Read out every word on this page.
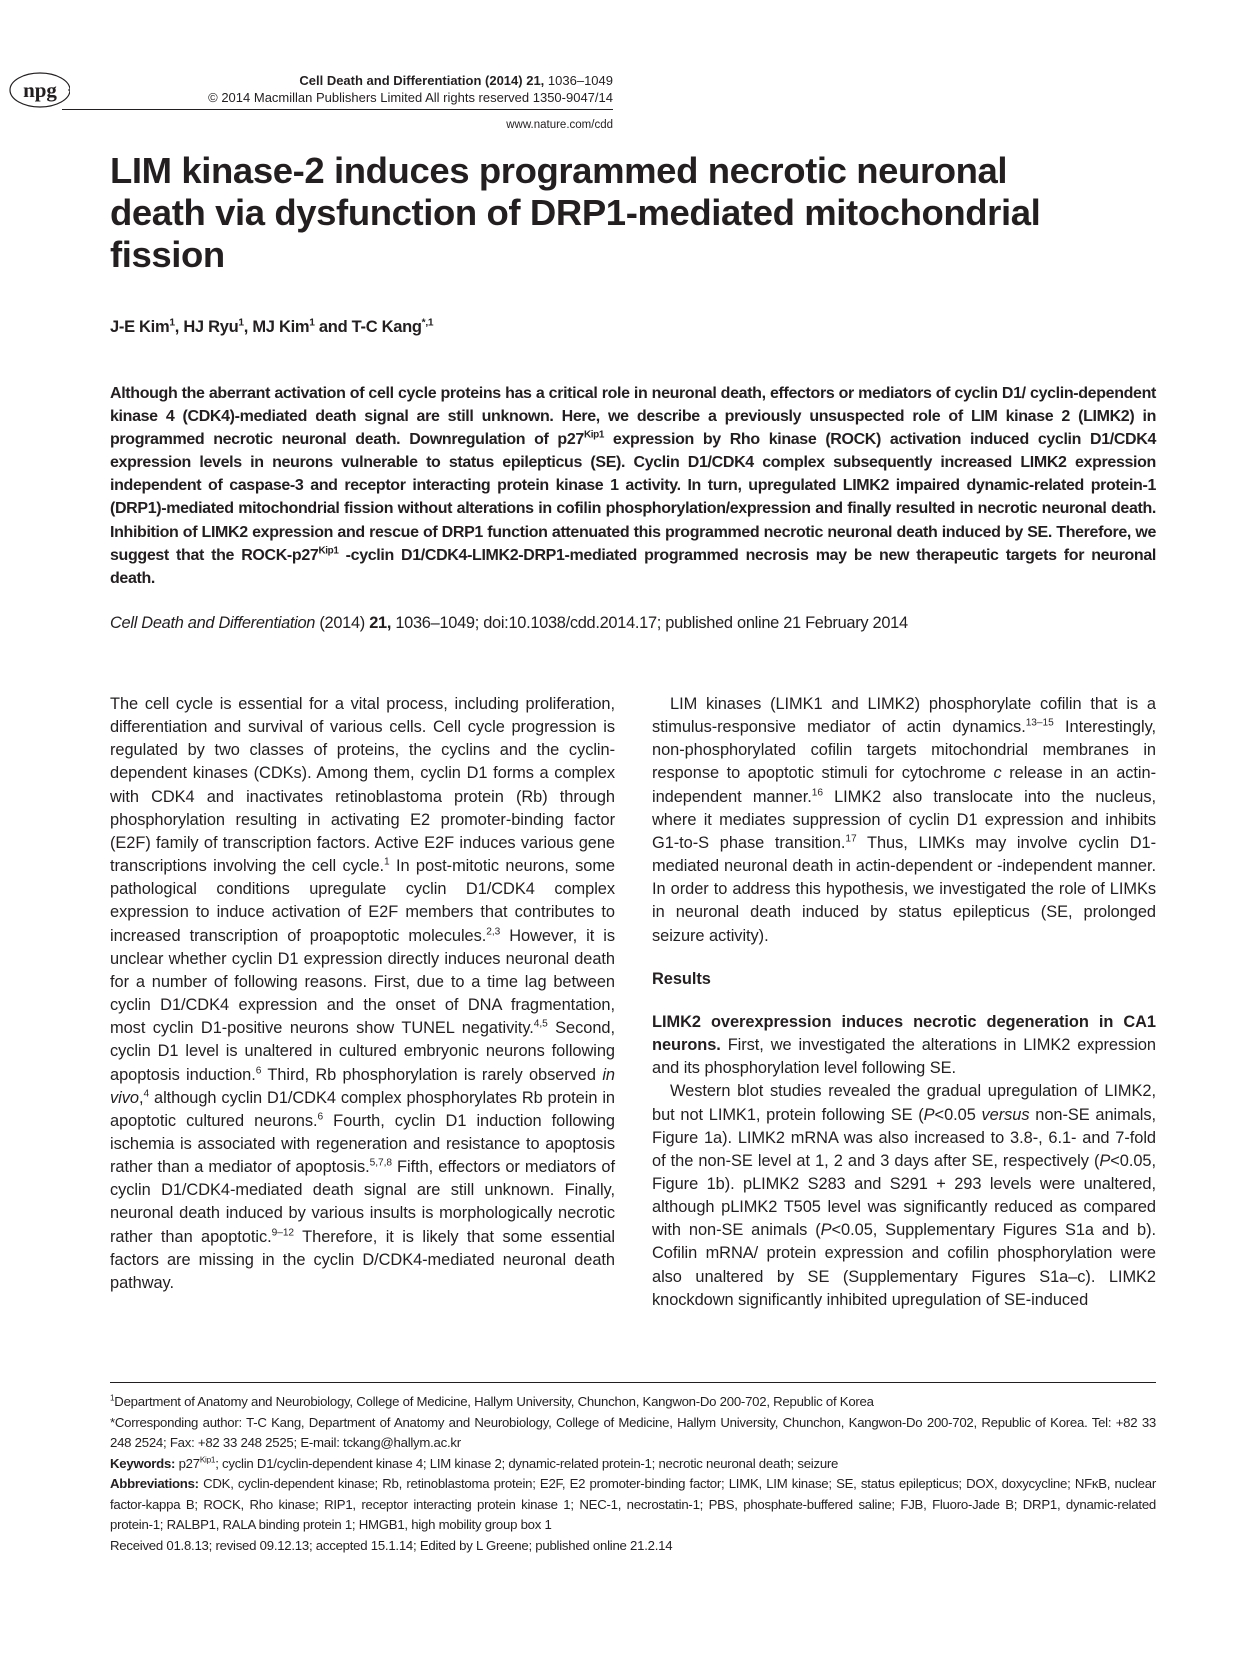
npg	Cell Death and Differentiation (2014) 21, 1036–1049
© 2014 Macmillan Publishers Limited All rights reserved 1350-9047/14
www.nature.com/cdd
LIM kinase-2 induces programmed necrotic neuronal death via dysfunction of DRP1-mediated mitochondrial fission
J-E Kim$^1$, HJ Ryu$^1$, MJ Kim$^1$ and T-C Kang$^{*,1}$
Although the aberrant activation of cell cycle proteins has a critical role in neuronal death, effectors or mediators of cyclin D1/ cyclin-dependent kinase 4 (CDK4)-mediated death signal are still unknown. Here, we describe a previously unsuspected role of LIM kinase 2 (LIMK2) in programmed necrotic neuronal death. Downregulation of $p27^{Kip1}$ expression by Rho kinase (ROCK) activation induced cyclin D1/CDK4 expression levels in neurons vulnerable to status epilepticus (SE). Cyclin D1/CDK4 complex subsequently increased LIMK2 expression independent of caspase-3 and receptor interacting protein kinase 1 activity. In turn, upregulated LIMK2 impaired dynamic-related protein-1 (DRP1)-mediated mitochondrial fission without alterations in cofilin phosphorylation/expression and finally resulted in necrotic neuronal death. Inhibition of LIMK2 expression and rescue of DRP1 function attenuated this programmed necrotic neuronal death induced by SE. Therefore, we suggest that the ROCK-$p27^{Kip1}$ -cyclin D1/CDK4-LIMK2-DRP1-mediated programmed necrosis may be new therapeutic targets for neuronal death.
Cell Death and Differentiation (2014) 21, 1036–1049; doi:10.1038/cdd.2014.17; published online 21 February 2014

The cell cycle is essential for a vital process, including proliferation, differentiation and survival of various cells. Cell cycle progression is regulated by two classes of proteins, the cyclins and the cyclin-dependent kinases (CDKs). Among them, cyclin D1 forms a complex with CDK4 and inactivates retinoblastoma protein (Rb) through phosphorylation resulting in activating E2 promoter-binding factor (E2F) family of transcription factors. Active E2F induces various gene transcriptions involving the cell cycle.$^1$ In post-mitotic neurons, some pathological conditions upregulate cyclin D1/CDK4 complex expression to induce activation of E2F members that contributes to increased transcription of proapoptotic molecules.$^{2,3}$ However, it is unclear whether cyclin D1 expression directly induces neuronal death for a number of following reasons. First, due to a time lag between cyclin D1/CDK4 expression and the onset of DNA fragmentation, most cyclin D1-positive neurons show TUNEL negativity.$^{4,5}$ Second, cyclin D1 level is unaltered in cultured embryonic neurons following apoptosis induction.$^6$ Third, Rb phosphorylation is rarely observed in vivo,$^4$ although cyclin D1/CDK4 complex phosphorylates Rb protein in apoptotic cultured neurons.$^6$ Fourth, cyclin D1 induction following ischemia is associated with regeneration and resistance to apoptosis rather than a mediator of apoptosis.$^{5,7,8}$ Fifth, effectors or mediators of cyclin D1/CDK4-mediated death signal are still unknown. Finally, neuronal death induced by various insults is morphologically necrotic rather than apoptotic.$^{9-12}$ Therefore, it is likely that some essential factors are missing in the cyclin D/CDK4-mediated neuronal death pathway.

LIM kinases (LIMK1 and LIMK2) phosphorylate cofilin that is a stimulus-responsive mediator of actin dynamics.$^{13-15}$ Interestingly, non-phosphorylated cofilin targets mitochondrial membranes in response to apoptotic stimuli for cytochrome c release in an actin-independent manner.$^{16}$ LIMK2 also translocate into the nucleus, where it mediates suppression of cyclin D1 expression and inhibits G1-to-S phase transition.$^{17}$ Thus, LIMKs may involve cyclin D1-mediated neuronal death in actin-dependent or -independent manner. In order to address this hypothesis, we investigated the role of LIMKs in neuronal death induced by status epilepticus (SE, prolonged seizure activity).

Results

LIMK2 overexpression induces necrotic degeneration in CA1 neurons. First, we investigated the alterations in LIMK2 expression and its phosphorylation level following SE.

Western blot studies revealed the gradual upregulation of LIMK2, but not LIMK1, protein following SE (P<0.05 versus non-SE animals, Figure 1a). LIMK2 mRNA was also increased to 3.8-, 6.1- and 7-fold of the non-SE level at 1, 2 and 3 days after SE, respectively (P<0.05, Figure 1b). pLIMK2 S283 and S291 + 293 levels were unaltered, although pLIMK2 T505 level was significantly reduced as compared with non-SE animals (P<0.05, Supplementary Figures S1a and b). Cofilin mRNA/ protein expression and cofilin phosphorylation were also unaltered by SE (Supplementary Figures S1a–c). LIMK2 knockdown significantly inhibited upregulation of SE-induced

$^1$Department of Anatomy and Neurobiology, College of Medicine, Hallym University, Chunchon, Kangwon-Do 200-702, Republic of Korea

*Corresponding author: T-C Kang, Department of Anatomy and Neurobiology, College of Medicine, Hallym University, Chunchon, Kangwon-Do 200-702, Republic of Korea. Tel: +82 33 248 2524; Fax: +82 33 248 2525; E-mail: tckang@hallym.ac.kr

Keywords: $p27^{Kip1}$; cyclin D1/cyclin-dependent kinase 4; LIM kinase 2; dynamic-related protein-1; necrotic neuronal death; seizure

Abbreviations: CDK, cyclin-dependent kinase; Rb, retinoblastoma protein; E2F, E2 promoter-binding factor; LIMK, LIM kinase; SE, status epilepticus; DOX, doxycycline; NFκB, nuclear factor-kappa B; ROCK, Rho kinase; RIP1, receptor interacting protein kinase 1; NEC-1, necrostatin-1; PBS, phosphate-buffered saline; FJB, Fluoro-Jade B; DRP1, dynamic-related protein-1; RALBP1, RALA binding protein 1; HMGB1, high mobility group box 1

Received 01.8.13; revised 09.12.13; accepted 15.1.14; Edited by L Greene; published online 21.2.14
